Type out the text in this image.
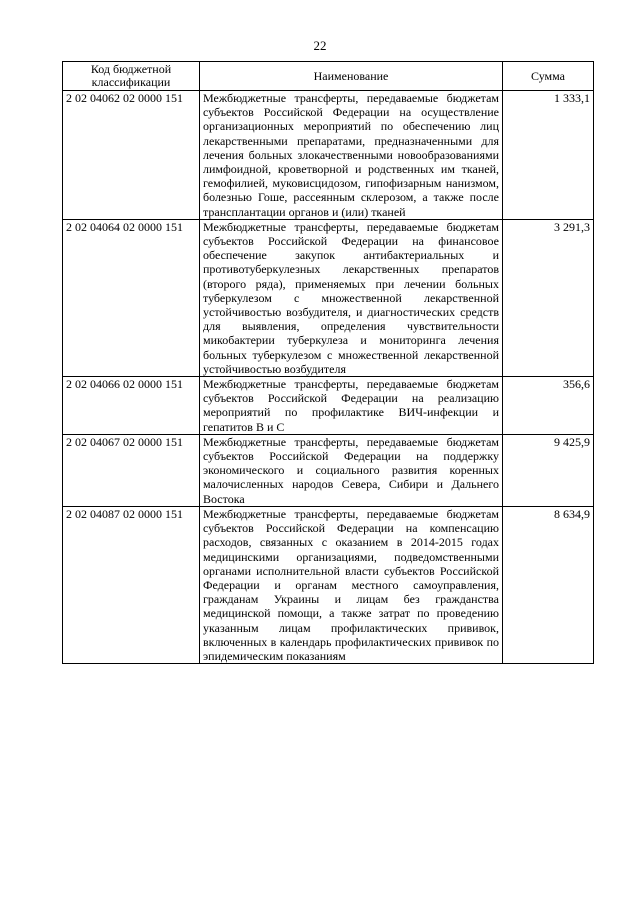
22
Код бюджетной классификации	Наименование	Сумма
2 02 04062 02 0000 151	Межбюджетные трансферты, передаваемые бюджетам субъектов Российской Федерации на осуществление организационных мероприятий по обеспечению лиц лекарственными препаратами, предназначенными для лечения больных злокачественными новообразованиями лимфоидной, кроветворной и родственных им тканей, гемофилией, муковисцидозом, гипофизарным нанизмом, болезнью Гоше, рассеянным склерозом, а также после трансплантации органов и (или) тканей	1 333,1
2 02 04064 02 0000 151	Межбюджетные трансферты, передаваемые бюджетам субъектов Российской Федерации на финансовое обеспечение закупок антибактериальных и противотуберкулезных лекарственных препаратов (второго ряда), применяемых при лечении больных туберкулезом с множественной лекарственной устойчивостью возбудителя, и диагностических средств для выявления, определения чувствительности микобактерии туберкулеза и мониторинга лечения больных туберкулезом с множественной лекарственной устойчивостью возбудителя	3 291,3
2 02 04066 02 0000 151	Межбюджетные трансферты, передаваемые бюджетам субъектов Российской Федерации на реализацию мероприятий по профилактике ВИЧ-инфекции и гепатитов B и C	356,6
2 02 04067 02 0000 151	Межбюджетные трансферты, передаваемые бюджетам субъектов Российской Федерации на поддержку экономического и социального развития коренных малочисленных народов Севера, Сибири и Дальнего Востока	9 425,9
2 02 04087 02 0000 151	Межбюджетные трансферты, передаваемые бюджетам субъектов Российской Федерации на компенсацию расходов, связанных с оказанием в 2014-2015 годах медицинскими организациями, подведомственными органами исполнительной власти субъектов Российской Федерации и органам местного самоуправления, гражданам Украины и лицам без гражданства медицинской помощи, а также затрат по проведению указанным лицам профилактических прививок, включенных в календарь профилактических прививок по эпидемическим показаниям	8 634,9
